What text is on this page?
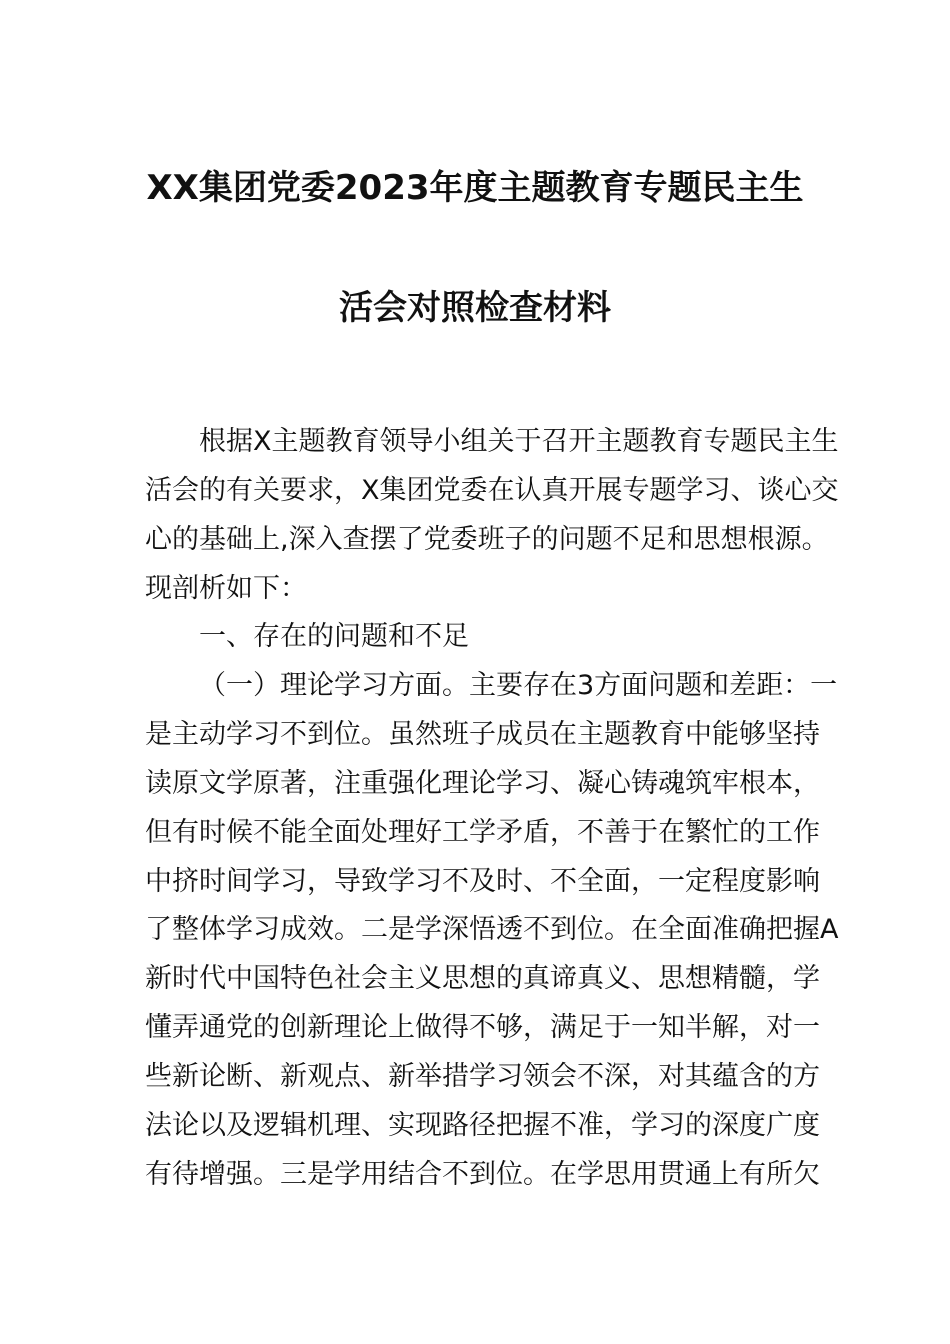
XX集团党委2023年度主题教育专题民主生
活会对照检查材料
根据X主题教育领导小组关于召开主题教育专题民主生
活会的有关要求，X集团党委在认真开展专题学习、谈心交
心的基础上,深入查摆了党委班子的问题不足和思想根源。
现剖析如下：
一、存在的问题和不足
（一）理论学习方面。主要存在3方面问题和差距：一
是主动学习不到位。虽然班子成员在主题教育中能够坚持
读原文学原著，注重强化理论学习、凝心铸魂筑牢根本，
但有时候不能全面处理好工学矛盾，不善于在繁忙的工作
中挤时间学习，导致学习不及时、不全面，一定程度影响
了整体学习成效。二是学深悟透不到位。在全面准确把握A
新时代中国特色社会主义思想的真谛真义、思想精髓，学
懂弄通党的创新理论上做得不够，满足于一知半解，对一
些新论断、新观点、新举措学习领会不深，对其蕴含的方
法论以及逻辑机理、实现路径把握不准，学习的深度广度
有待增强。三是学用结合不到位。在学思用贯通上有所欠
